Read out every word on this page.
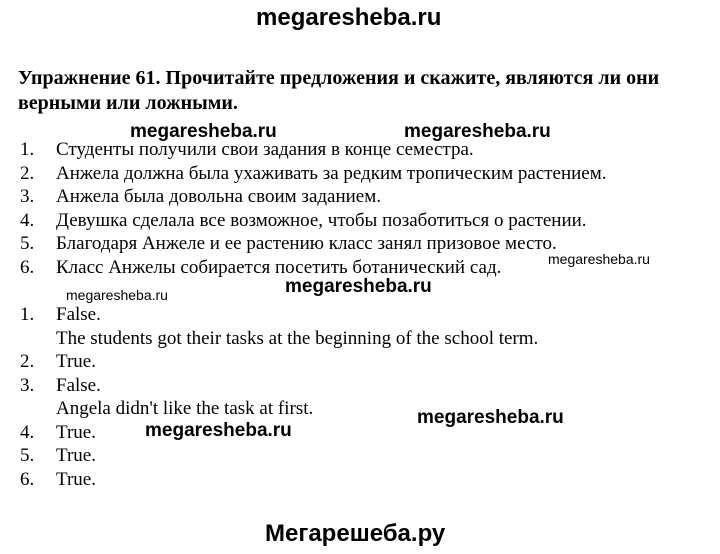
megaresheba.ru
Упражнение 61. Прочитайте предложения и скажите, являются ли они верными или ложными.
megaresheba.ru	megaresheba.ru
1. Студенты получили свои задания в конце семестра.
2. Анжела должна была ухаживать за редким тропическим растением.
3. Анжела была довольна своим заданием.
4. Девушка сделала все возможное, чтобы позаботиться о растении.
5. Благодаря Анжеле и ее растению класс занял призовое место.
6. Класс Анжелы собирается посетить ботанический сад.	megaresheba.ru
megaresheba.ru	megaresheba.ru
1. False.
The students got their tasks at the beginning of the school term.
2. True.
3. False.
Angela didn't like the task at first.
4. True.
5. True.
6. True.
megaresheba.ru
megaresheba.ru
Мегарешеба.ру
